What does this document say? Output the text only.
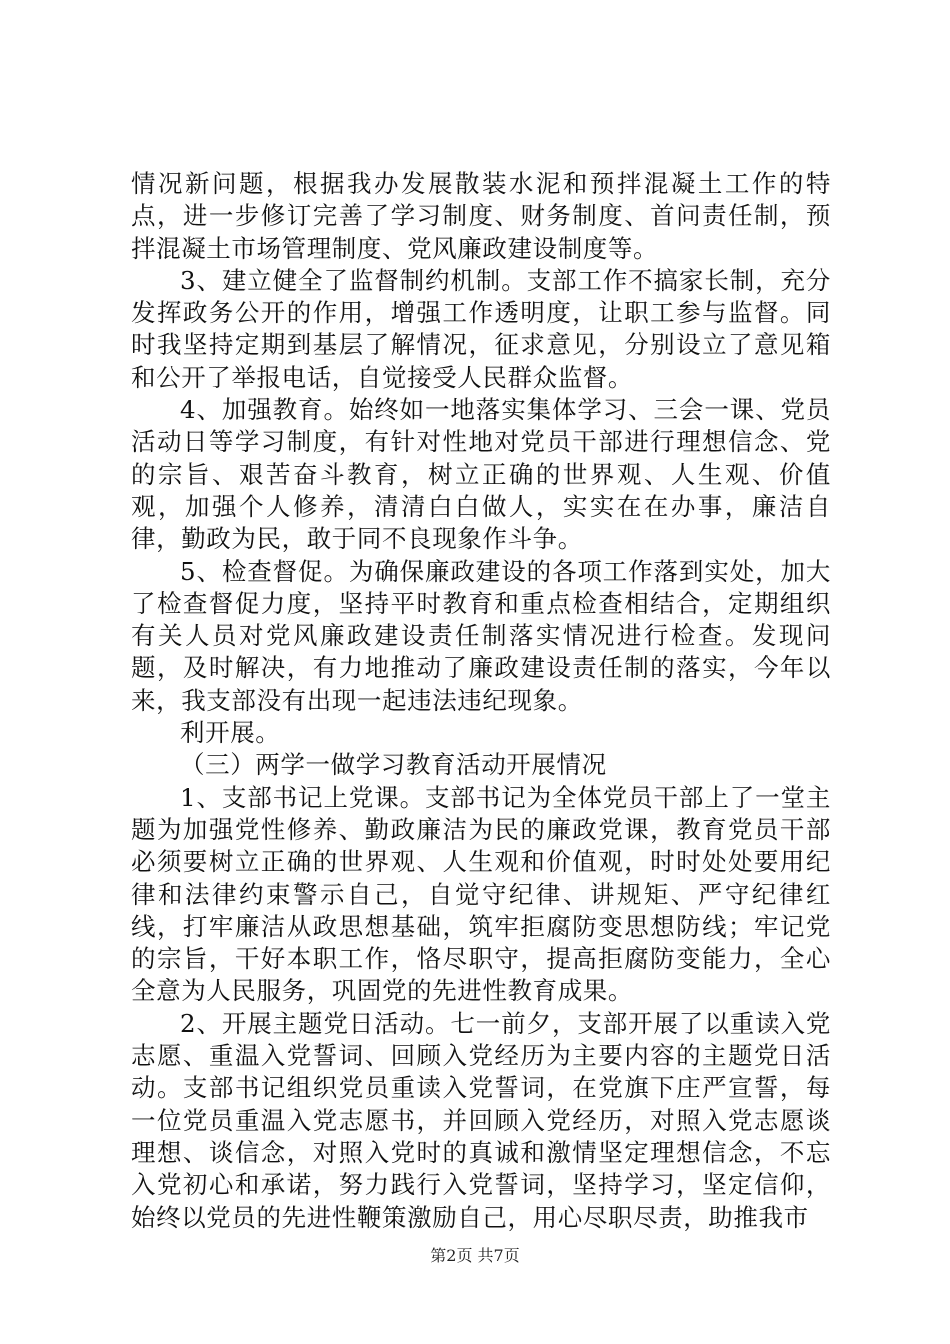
情况新问题，根据我办发展散装水泥和预拌混凝土工作的特点，进一步修订完善了学习制度、财务制度、首问责任制，预拌混凝土市场管理制度、党风廉政建设制度等。

3、建立健全了监督制约机制。支部工作不搞家长制，充分发挥政务公开的作用，增强工作透明度，让职工参与监督。同时我坚持定期到基层了解情况，征求意见，分别设立了意见箱和公开了举报电话，自觉接受人民群众监督。

4、加强教育。始终如一地落实集体学习、三会一课、党员活动日等学习制度，有针对性地对党员干部进行理想信念、党的宗旨、艰苦奋斗教育，树立正确的世界观、人生观、价值观，加强个人修养，清清白白做人，实实在在办事，廉洁自律，勤政为民，敢于同不良现象作斗争。

5、检查督促。为确保廉政建设的各项工作落到实处，加大了检查督促力度，坚持平时教育和重点检查相结合，定期组织有关人员对党风廉政建设责任制落实情况进行检查。发现问题，及时解决，有力地推动了廉政建设责任制的落实，今年以来，我支部没有出现一起违法违纪现象。

利开展。

（三）两学一做学习教育活动开展情况

1、支部书记上党课。支部书记为全体党员干部上了一堂主题为加强党性修养、勤政廉洁为民的廉政党课，教育党员干部必须要树立正确的世界观、人生观和价值观，时时处处要用纪律和法律约束警示自己，自觉守纪律、讲规矩、严守纪律红线，打牢廉洁从政思想基础，筑牢拒腐防变思想防线；牢记党的宗旨，干好本职工作，恪尽职守，提高拒腐防变能力，全心全意为人民服务，巩固党的先进性教育成果。

2、开展主题党日活动。七一前夕，支部开展了以重读入党志愿、重温入党誓词、回顾入党经历为主要内容的主题党日活动。支部书记组织党员重读入党誓词，在党旗下庄严宣誓，每一位党员重温入党志愿书，并回顾入党经历，对照入党志愿谈理想、谈信念，对照入党时的真诚和激情坚定理想信念，不忘入党初心和承诺，努力践行入党誓词，坚持学习，坚定信仰，始终以党员的先进性鞭策激励自己，用心尽职尽责，助推我市

第2页 共7页
